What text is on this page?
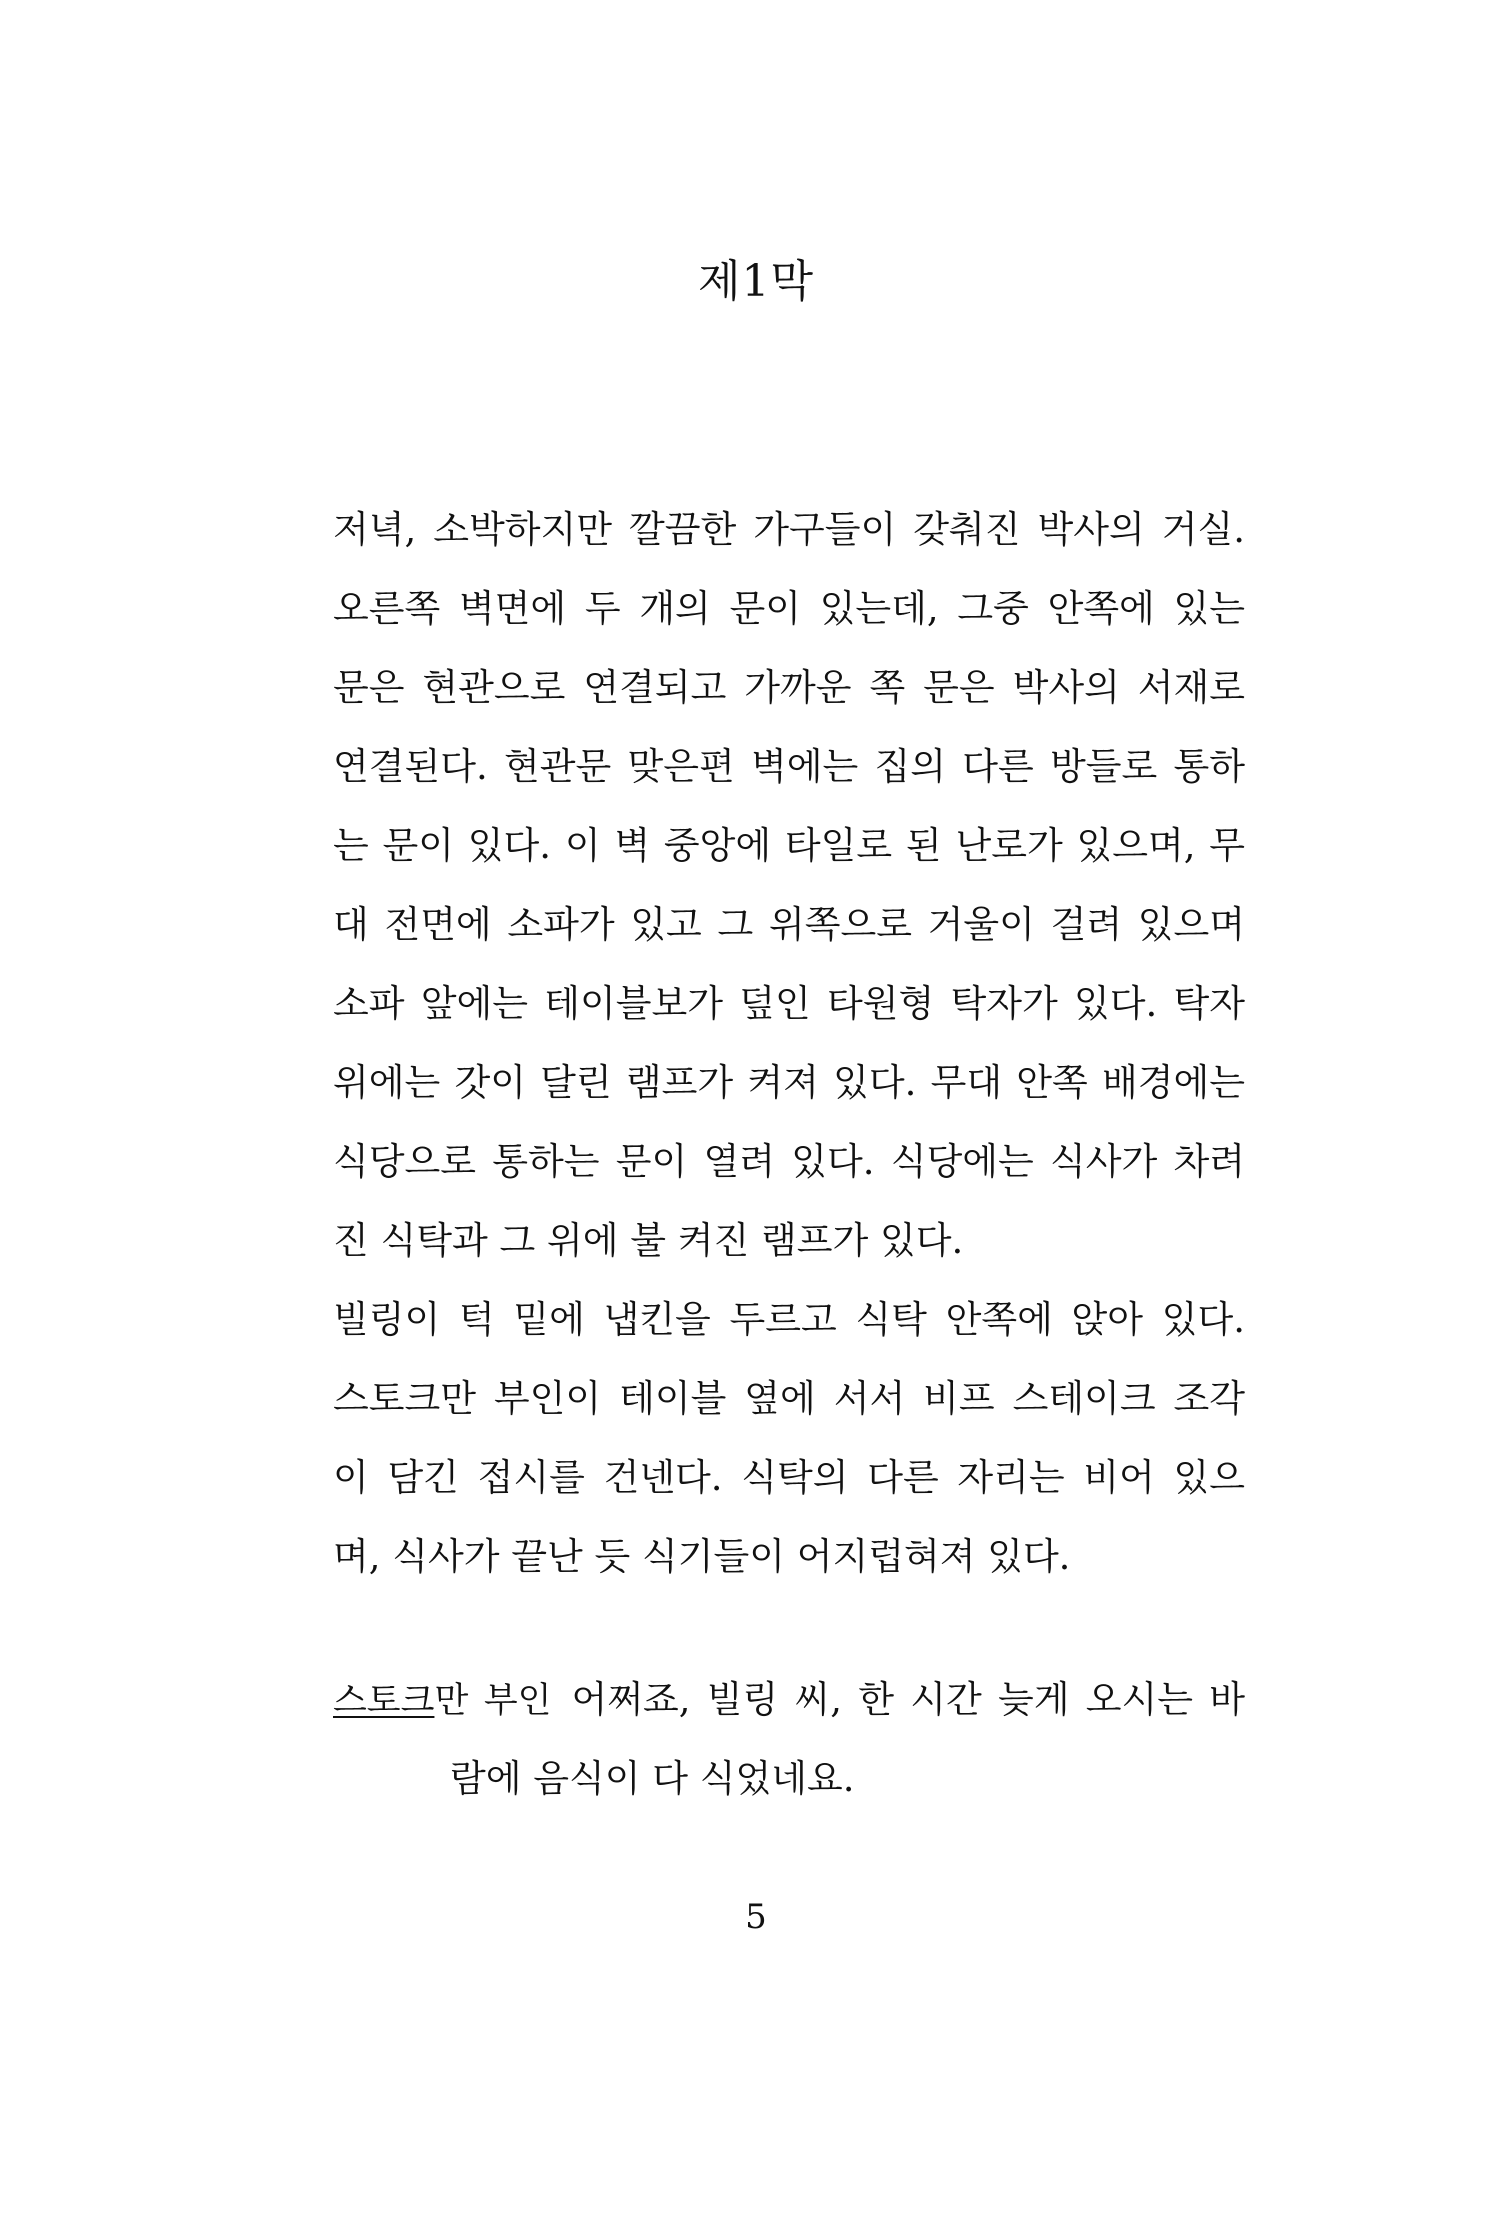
제1막
저녁, 소박하지만 깔끔한 가구들이 갖춰진 박사의 거실.
오른쪽 벽면에 두 개의 문이 있는데, 그중 안쪽에 있는
문은 현관으로 연결되고 가까운 쪽 문은 박사의 서재로
연결된다. 현관문 맞은편 벽에는 집의 다른 방들로 통하
는 문이 있다. 이 벽 중앙에 타일로 된 난로가 있으며, 무
대 전면에 소파가 있고 그 위쪽으로 거울이 걸려 있으며
소파 앞에는 테이블보가 덮인 타원형 탁자가 있다. 탁자
위에는 갓이 달린 램프가 켜져 있다. 무대 안쪽 배경에는
식당으로 통하는 문이 열려 있다. 식당에는 식사가 차려
진 식탁과 그 위에 불 켜진 램프가 있다.
빌링이 턱 밑에 냅킨을 두르고 식탁 안쪽에 앉아 있다.
스토크만 부인이 테이블 옆에 서서 비프 스테이크 조각
이 담긴 접시를 건넨다. 식탁의 다른 자리는 비어 있으
며, 식사가 끝난 듯 식기들이 어지럽혀져 있다.
스토크만 부인 어쩌죠, 빌링 씨, 한 시간 늦게 오시는 바
람에 음식이 다 식었네요.
5
